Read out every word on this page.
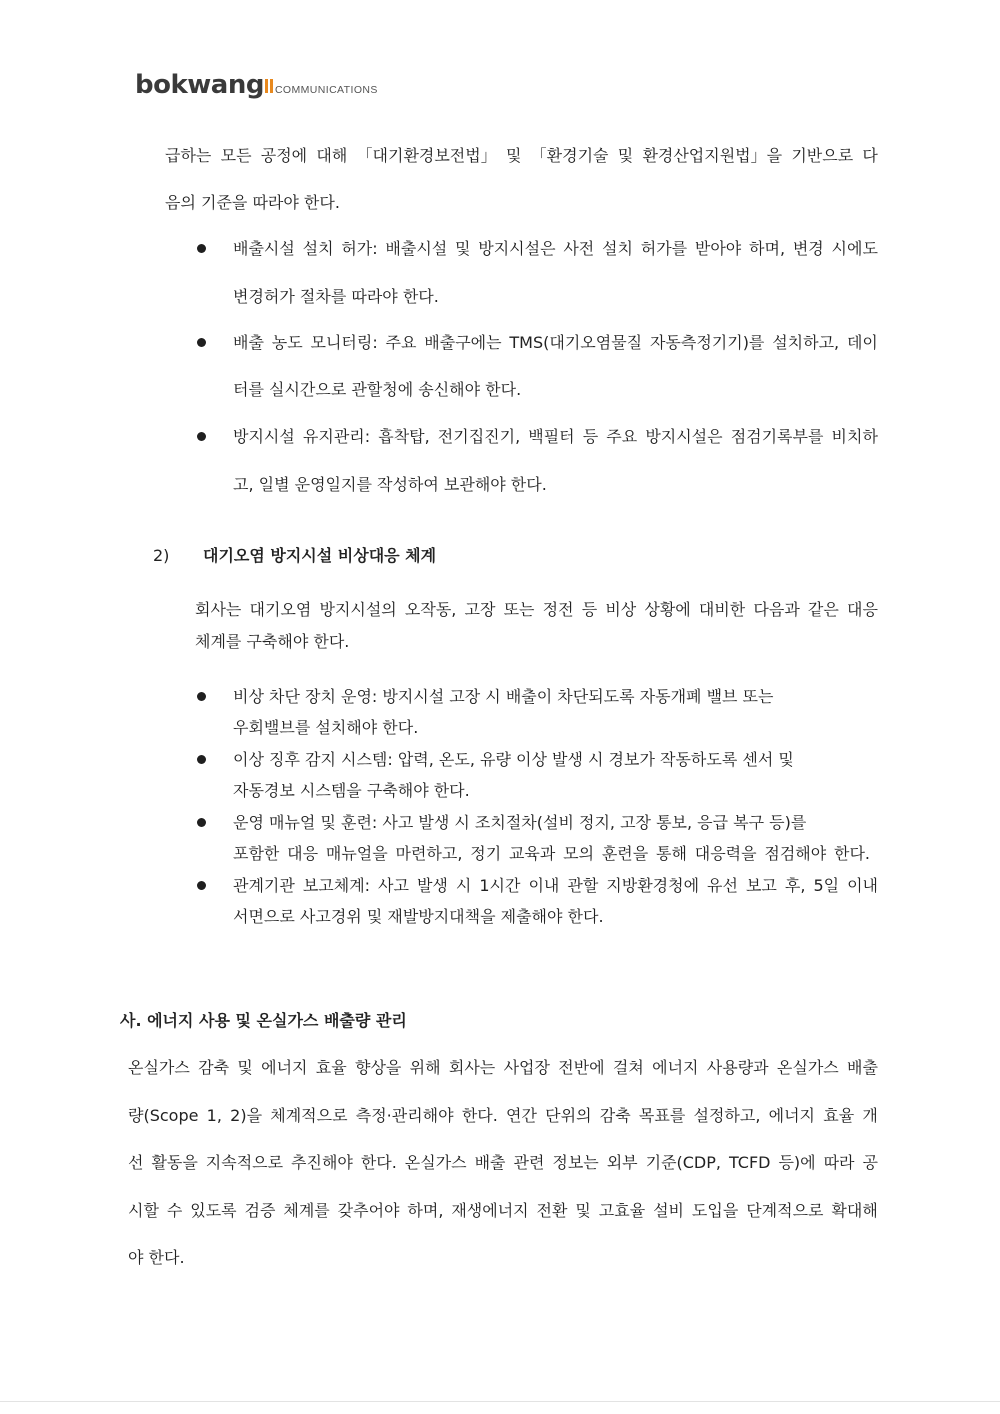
bokwang COMMUNICATIONS
급하는 모든 공정에 대해 「대기환경보전법」 및 「환경기술 및 환경산업지원법」을 기반으로 다
음의 기준을 따라야 한다.
배출시설 설치 허가: 배출시설 및 방지시설은 사전 설치 허가를 받아야 하며, 변경 시에도
변경허가 절차를 따라야 한다.
배출 농도 모니터링: 주요 배출구에는 TMS(대기오염물질 자동측정기기)를 설치하고, 데이
터를 실시간으로 관할청에 송신해야 한다.
방지시설 유지관리: 흡착탑, 전기집진기, 백필터 등 주요 방지시설은 점검기록부를 비치하
고, 일별 운영일지를 작성하여 보관해야 한다.
2) 대기오염 방지시설 비상대응 체계
회사는 대기오염 방지시설의 오작동, 고장 또는 정전 등 비상 상황에 대비한 다음과 같은 대응
체계를 구축해야 한다.
비상 차단 장치 운영: 방지시설 고장 시 배출이 차단되도록 자동개폐 밸브 또는
우회밸브를 설치해야 한다.
이상 징후 감지 시스템: 압력, 온도, 유량 이상 발생 시 경보가 작동하도록 센서 및
자동경보 시스템을 구축해야 한다.
운영 매뉴얼 및 훈련: 사고 발생 시 조치절차(설비 정지, 고장 통보, 응급 복구 등)를
포함한 대응 매뉴얼을 마련하고, 정기 교육과 모의 훈련을 통해 대응력을 점검해야 한다.
관계기관 보고체계: 사고 발생 시 1시간 이내 관할 지방환경청에 유선 보고 후, 5일 이내
서면으로 사고경위 및 재발방지대책을 제출해야 한다.
사. 에너지 사용 및 온실가스 배출량 관리
온실가스 감축 및 에너지 효율 향상을 위해 회사는 사업장 전반에 걸쳐 에너지 사용량과 온실가스 배출
량(Scope 1, 2)을 체계적으로 측정·관리해야 한다. 연간 단위의 감축 목표를 설정하고, 에너지 효율 개
선 활동을 지속적으로 추진해야 한다. 온실가스 배출 관련 정보는 외부 기준(CDP, TCFD 등)에 따라 공
시할 수 있도록 검증 체계를 갖추어야 하며, 재생에너지 전환 및 고효율 설비 도입을 단계적으로 확대해
야 한다.
